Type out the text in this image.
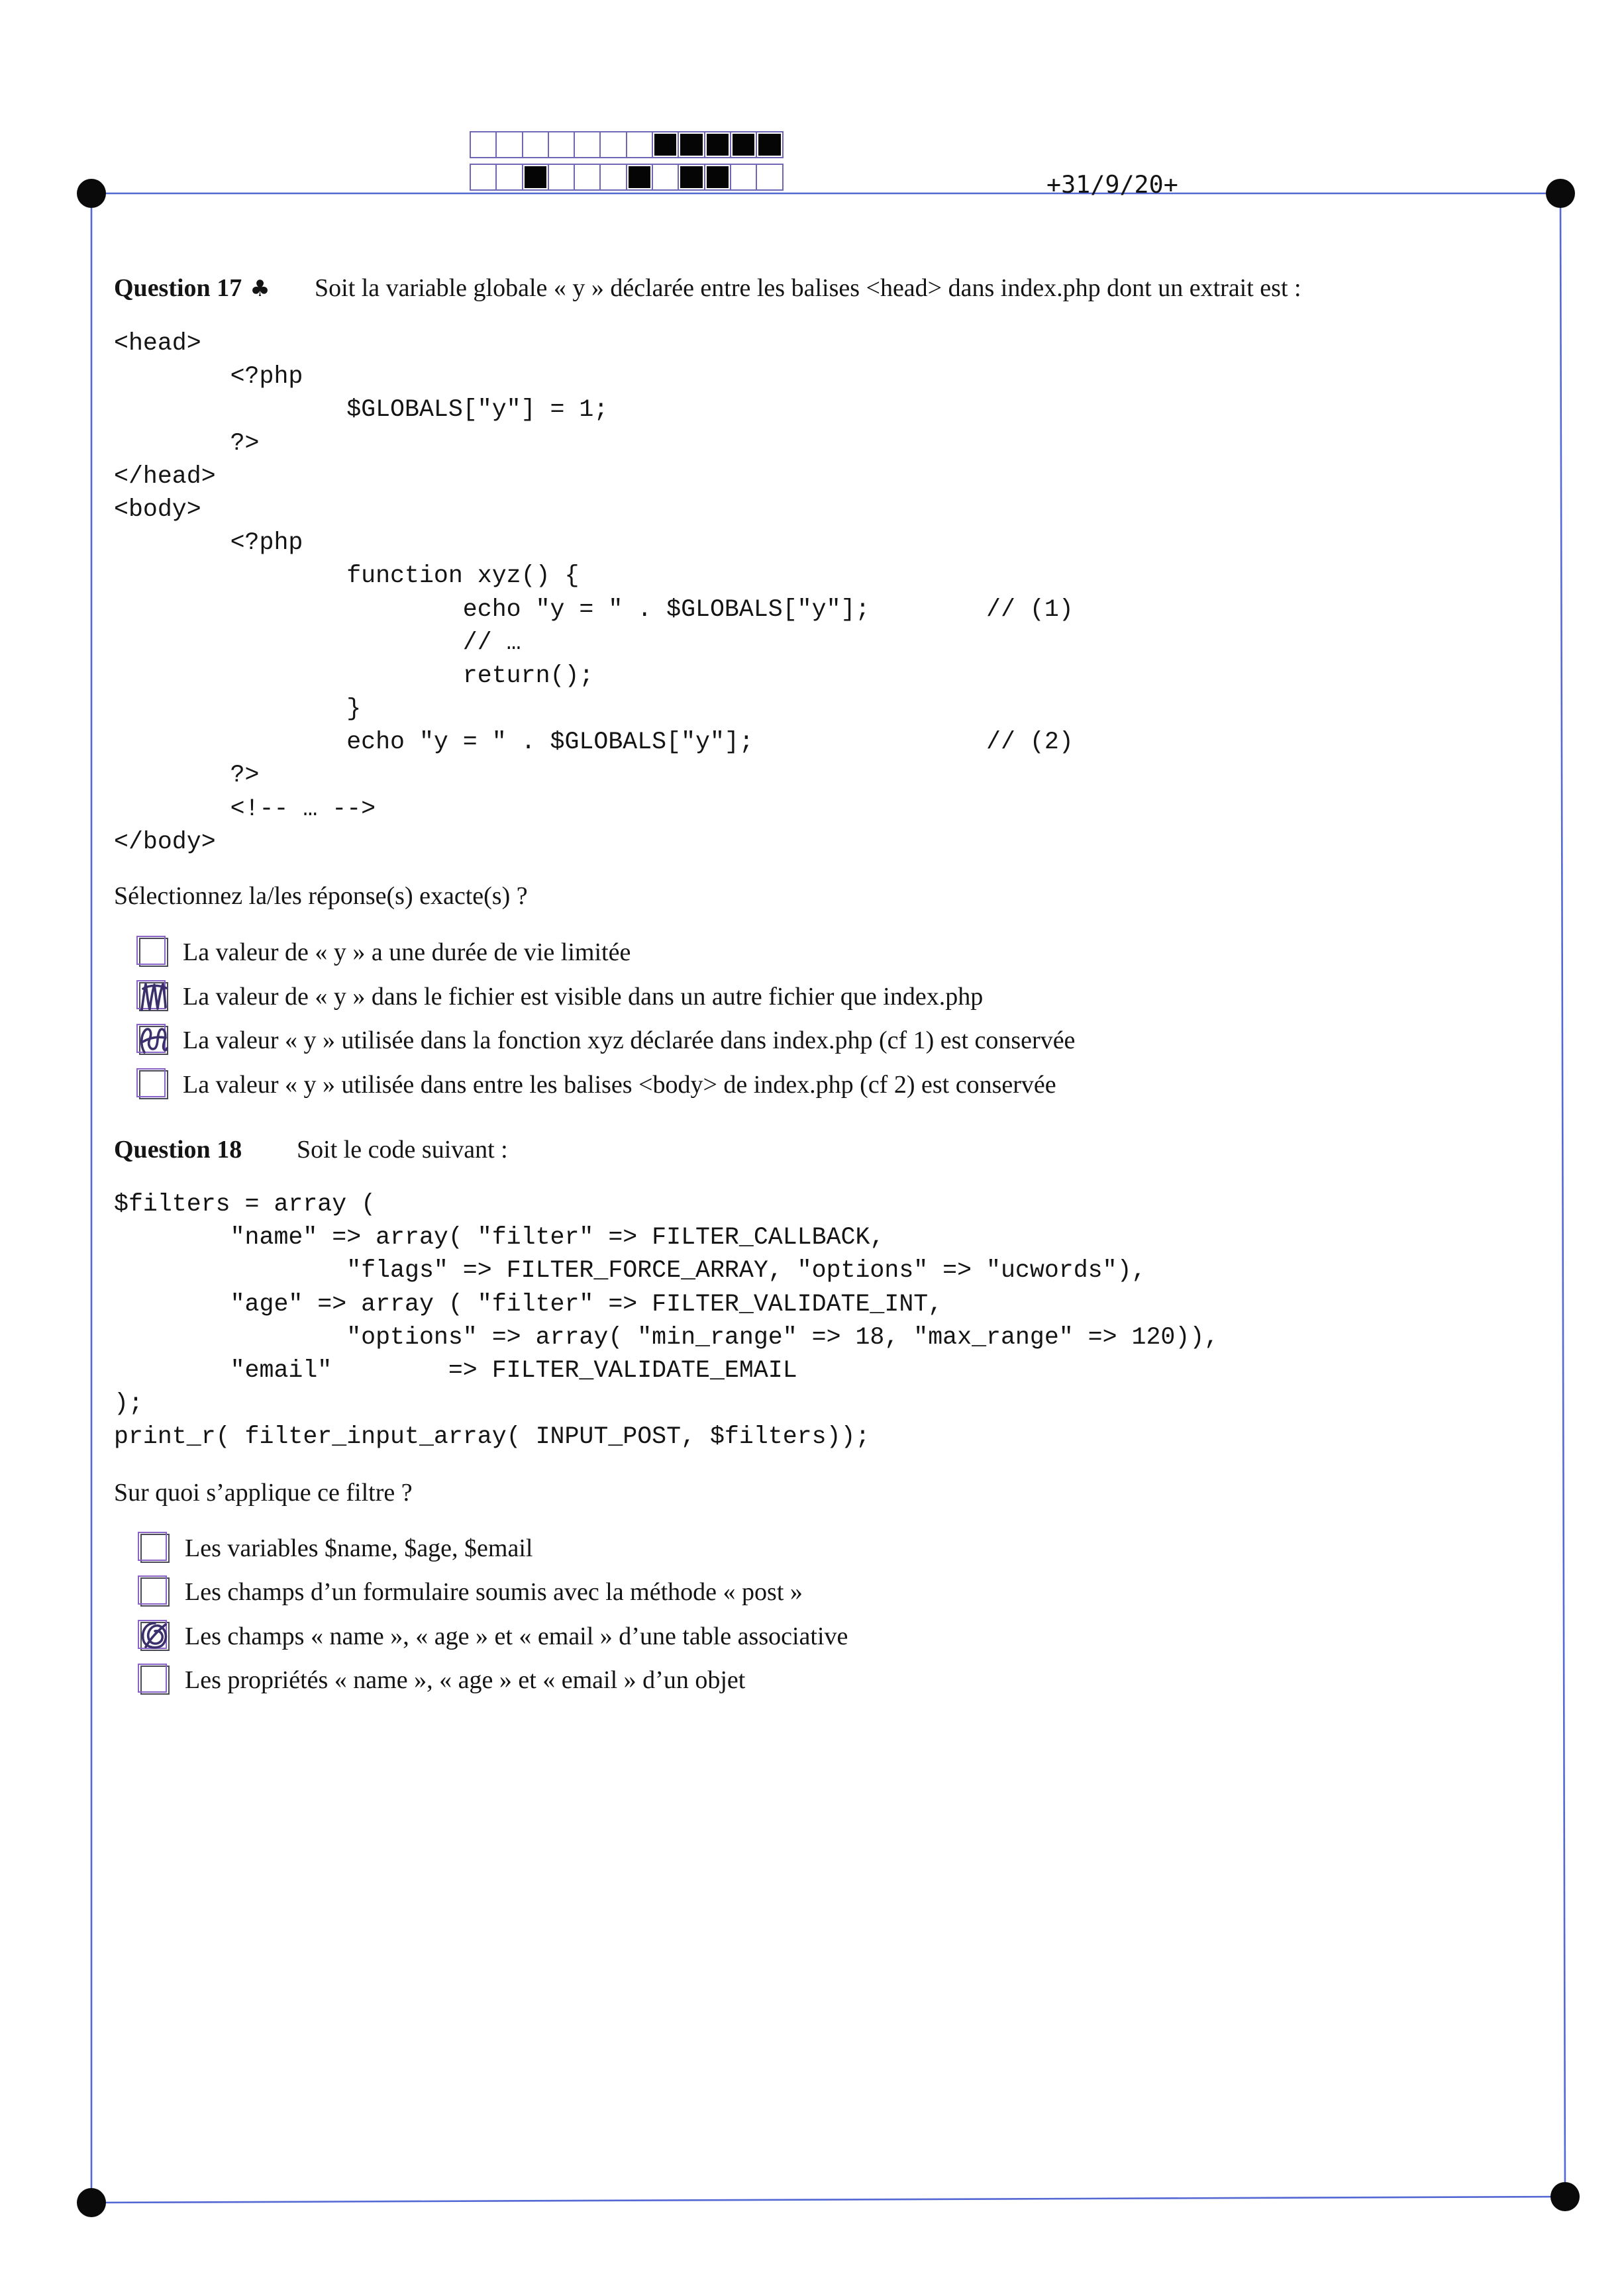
+31/9/20+
Question 17 ♣ Soit la variable globale « y » déclarée entre les balises <head> dans index.php dont un extrait est :
<head>
<?php
$GLOBALS["y"] = 1;
?>
</head>
<body>
<?php
function xyz() {
echo "y = " . $GLOBALS["y"];        // (1)
// …
return();
}
echo "y = " . $GLOBALS["y"];                // (2)
?>
<!-- … -->
</body>
Sélectionnez la/les réponse(s) exacte(s) ?
La valeur de « y » a une durée de vie limitée
La valeur de « y » dans le fichier est visible dans un autre fichier que index.php
La valeur « y » utilisée dans la fonction xyz déclarée dans index.php (cf 1) est conservée
La valeur « y » utilisée dans entre les balises <body> de index.php (cf 2) est conservée
Question 18 Soit le code suivant :
$filters = array (
"name" => array( "filter" => FILTER_CALLBACK,
"flags" => FILTER_FORCE_ARRAY, "options" => "ucwords"),
"age" => array ( "filter" => FILTER_VALIDATE_INT,
"options" => array( "min_range" => 18, "max_range" => 120)),
"email"        => FILTER_VALIDATE_EMAIL
);
print_r( filter_input_array( INPUT_POST, $filters));
Sur quoi s’applique ce filtre ?
Les variables $name, $age, $email
Les champs d’un formulaire soumis avec la méthode « post »
Les champs « name », « age » et « email » d’une table associative
Les propriétés « name », « age » et « email » d’un objet
